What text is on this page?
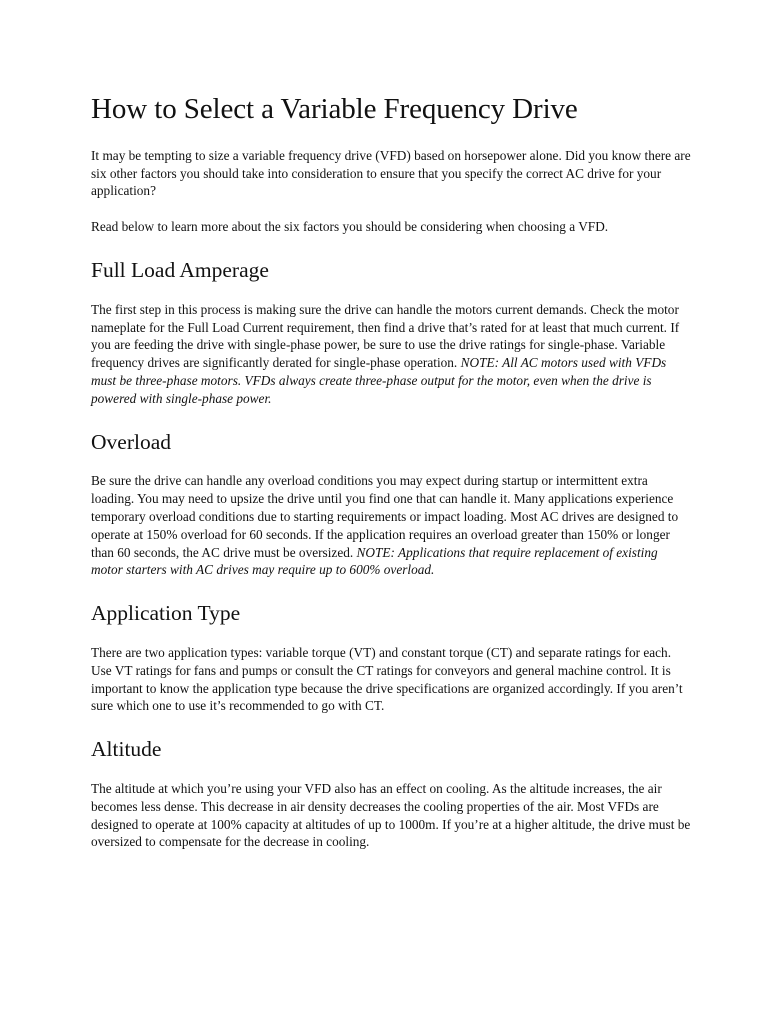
How to Select a Variable Frequency Drive

It may be tempting to size a variable frequency drive (VFD) based on horsepower alone. Did you know there are six other factors you should take into consideration to ensure that you specify the correct AC drive for your application?

Read below to learn more about the six factors you should be considering when choosing a VFD.

Full Load Amperage

The first step in this process is making sure the drive can handle the motors current demands. Check the motor nameplate for the Full Load Current requirement, then find a drive that’s rated for at least that much current. If you are feeding the drive with single-phase power, be sure to use the drive ratings for single-phase. Variable frequency drives are significantly derated for single-phase operation. NOTE: All AC motors used with VFDs must be three-phase motors. VFDs always create three-phase output for the motor, even when the drive is powered with single-phase power.

Overload

Be sure the drive can handle any overload conditions you may expect during startup or intermittent extra loading. You may need to upsize the drive until you find one that can handle it. Many applications experience temporary overload conditions due to starting requirements or impact loading. Most AC drives are designed to operate at 150% overload for 60 seconds. If the application requires an overload greater than 150% or longer than 60 seconds, the AC drive must be oversized. NOTE: Applications that require replacement of existing motor starters with AC drives may require up to 600% overload.

Application Type

There are two application types: variable torque (VT) and constant torque (CT) and separate ratings for each. Use VT ratings for fans and pumps or consult the CT ratings for conveyors and general machine control. It is important to know the application type because the drive specifications are organized accordingly. If you aren’t sure which one to use it’s recommended to go with CT.

Altitude

The altitude at which you’re using your VFD also has an effect on cooling. As the altitude increases, the air becomes less dense. This decrease in air density decreases the cooling properties of the air. Most VFDs are designed to operate at 100% capacity at altitudes of up to 1000m. If you’re at a higher altitude, the drive must be oversized to compensate for the decrease in cooling.
